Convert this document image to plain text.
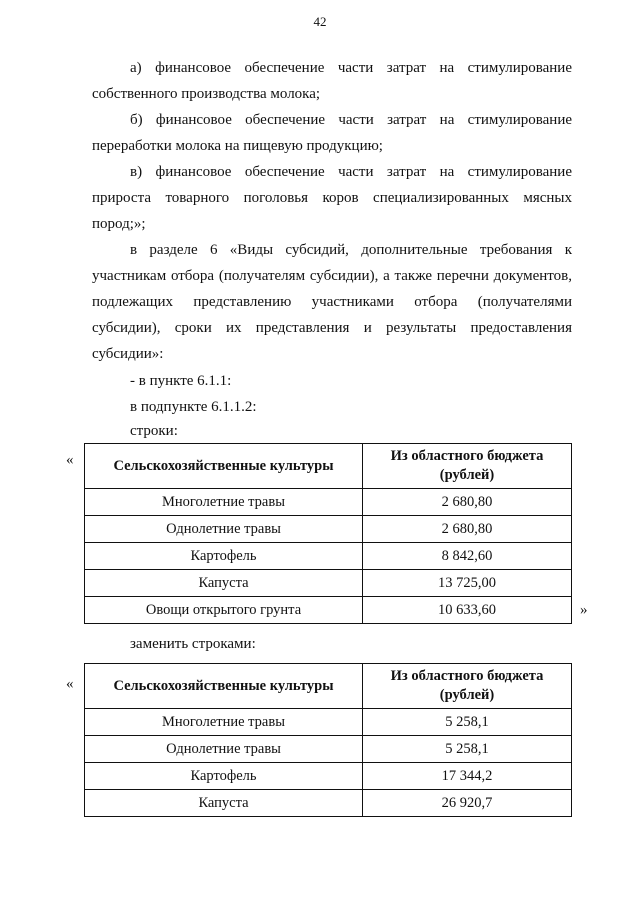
42
а) финансовое обеспечение части затрат на стимулирование собственного производства молока;
б) финансовое обеспечение части затрат на стимулирование переработки молока на пищевую продукцию;
в) финансовое обеспечение части затрат на стимулирование прироста товарного поголовья коров специализированных мясных пород;»;
в разделе 6 «Виды субсидий, дополнительные требования к участникам отбора (получателям субсидии), а также перечни документов, подлежащих представлению участниками отбора (получателями субсидии), сроки их представления и результаты предоставления субсидии»:
- в пункте 6.1.1:
в подпункте 6.1.1.2:
строки:
«	Сельскохозяйственные культуры	Из областного бюджета (рублей)
Многолетние травы	2 680,80
Однолетние травы	2 680,80
Картофель	8 842,60
Капуста	13 725,00
Овощи открытого грунта	10 633,60	»
заменить строками:
«	Сельскохозяйственные культуры	Из областного бюджета (рублей)
Многолетние травы	5 258,1
Однолетние травы	5 258,1
Картофель	17 344,2
Капуста	26 920,7
